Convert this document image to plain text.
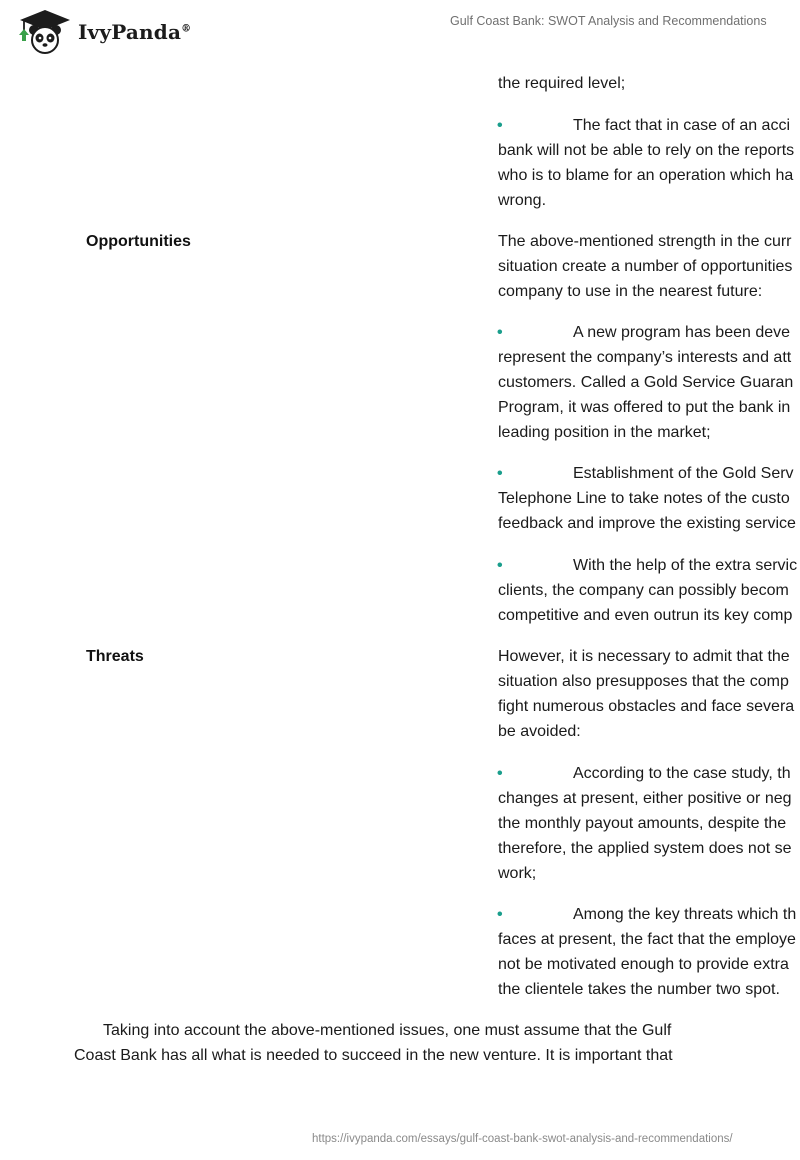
IvyPanda®
Gulf Coast Bank: SWOT Analysis and Recommendations
the required level;
•	The fact that in case of an acci
bank will not be able to rely on the reports
who is to blame for an operation which ha
wrong.
Opportunities	The above-mentioned strength in the curr
situation create a number of opportunities
company to use in the nearest future:
•	A new program has been deve
represent the company’s interests and att
customers. Called a Gold Service Guaran
Program, it was offered to put the bank in
leading position in the market;
•	Establishment of the Gold Serv
Telephone Line to take notes of the custo
feedback and improve the existing service
•	With the help of the extra servic
clients, the company can possibly becom
competitive and even outrun its key comp
Threats	However, it is necessary to admit that the
situation also presupposes that the comp
fight numerous obstacles and face severa
be avoided:
•	According to the case study, th
changes at present, either positive or neg
the monthly payout amounts, despite the
therefore, the applied system does not se
work;
•	Among the key threats which th
faces at present, the fact that the employe
not be motivated enough to provide extra
the clientele takes the number two spot.
Taking into account the above-mentioned issues, one must assume that the Gulf
Coast Bank has all what is needed to succeed in the new venture. It is important that
https://ivypanda.com/essays/gulf-coast-bank-swot-analysis-and-recommendations/
